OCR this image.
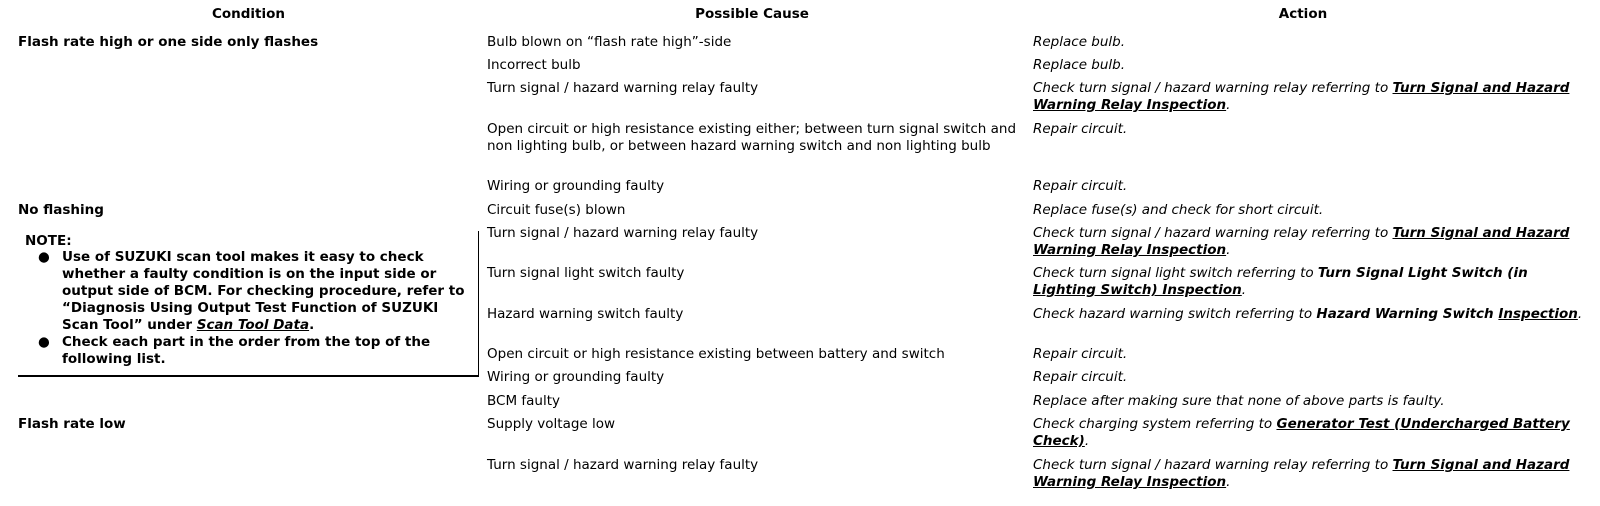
Condition	Possible Cause	Action
Flash rate high or one side only flashes
No flashing
Flash rate low
NOTE:
● Use of SUZUKI scan tool makes it easy to check whether a faulty condition is on the input side or output side of BCM. For checking procedure, refer to “Diagnosis Using Output Test Function of SUZUKI Scan Tool” under Scan Tool Data.
● Check each part in the order from the top of the following list.
Bulb blown on “flash rate high”-side
Incorrect bulb
Turn signal / hazard warning relay faulty
Open circuit or high resistance existing either; between turn signal switch and non lighting bulb, or between hazard warning switch and non lighting bulb
Wiring or grounding faulty
Circuit fuse(s) blown
Turn signal / hazard warning relay faulty
Turn signal light switch faulty
Hazard warning switch faulty
Open circuit or high resistance existing between battery and switch
Wiring or grounding faulty
BCM faulty
Supply voltage low
Turn signal / hazard warning relay faulty
Replace bulb.
Replace bulb.
Check turn signal / hazard warning relay referring to Turn Signal and Hazard Warning Relay Inspection.
Repair circuit.
Repair circuit.
Replace fuse(s) and check for short circuit.
Check turn signal / hazard warning relay referring to Turn Signal and Hazard Warning Relay Inspection.
Check turn signal light switch referring to Turn Signal Light Switch (in Lighting Switch) Inspection.
Check hazard warning switch referring to Hazard Warning Switch Inspection.
Repair circuit.
Repair circuit.
Replace after making sure that none of above parts is faulty.
Check charging system referring to Generator Test (Undercharged Battery Check).
Check turn signal / hazard warning relay referring to Turn Signal and Hazard Warning Relay Inspection.
